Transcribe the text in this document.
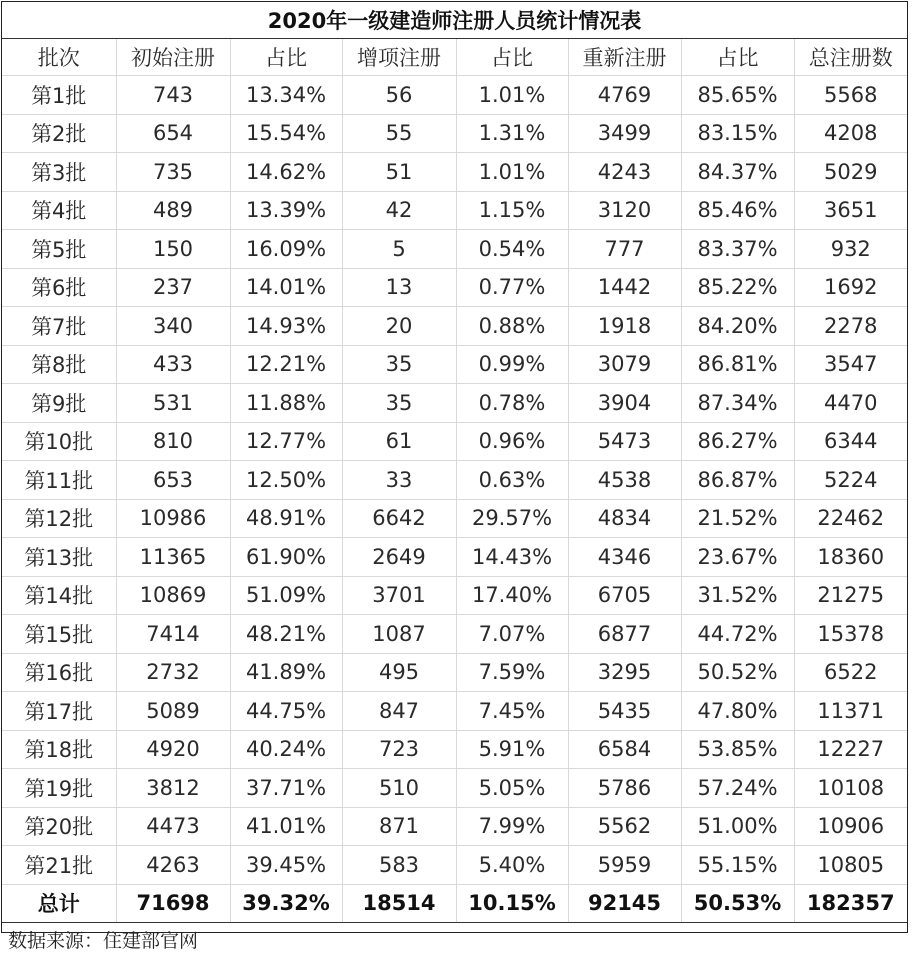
2020年一级建造师注册人员统计情况表
批次	初始注册	占比	增项注册	占比	重新注册	占比	总注册数
第1批	743	13.34%	56	1.01%	4769	85.65%	5568
第2批	654	15.54%	55	1.31%	3499	83.15%	4208
第3批	735	14.62%	51	1.01%	4243	84.37%	5029
第4批	489	13.39%	42	1.15%	3120	85.46%	3651
第5批	150	16.09%	5	0.54%	777	83.37%	932
第6批	237	14.01%	13	0.77%	1442	85.22%	1692
第7批	340	14.93%	20	0.88%	1918	84.20%	2278
第8批	433	12.21%	35	0.99%	3079	86.81%	3547
第9批	531	11.88%	35	0.78%	3904	87.34%	4470
第10批	810	12.77%	61	0.96%	5473	86.27%	6344
第11批	653	12.50%	33	0.63%	4538	86.87%	5224
第12批	10986	48.91%	6642	29.57%	4834	21.52%	22462
第13批	11365	61.90%	2649	14.43%	4346	23.67%	18360
第14批	10869	51.09%	3701	17.40%	6705	31.52%	21275
第15批	7414	48.21%	1087	7.07%	6877	44.72%	15378
第16批	2732	41.89%	495	7.59%	3295	50.52%	6522
第17批	5089	44.75%	847	7.45%	5435	47.80%	11371
第18批	4920	40.24%	723	5.91%	6584	53.85%	12227
第19批	3812	37.71%	510	5.05%	5786	57.24%	10108
第20批	4473	41.01%	871	7.99%	5562	51.00%	10906
第21批	4263	39.45%	583	5.40%	5959	55.15%	10805
总计	71698	39.32%	18514	10.15%	92145	50.53%	182357
数据来源：住建部官网
